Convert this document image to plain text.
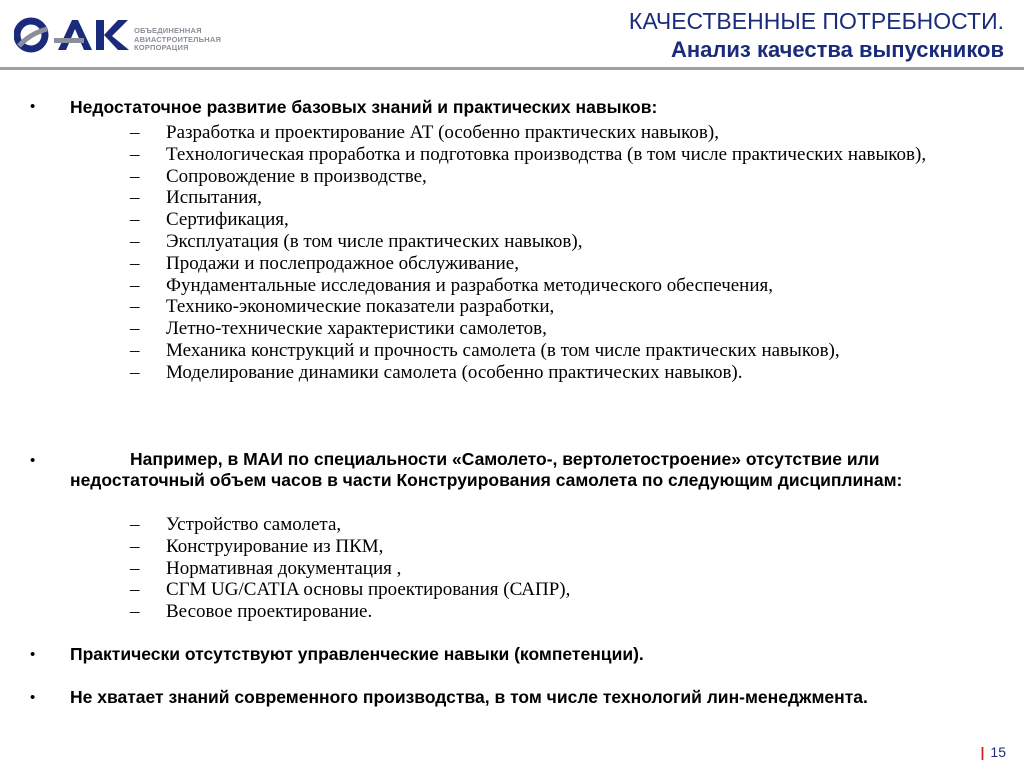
ОБЪЕДИНЕННАЯ
АВИАСТРОИТЕЛЬНАЯ
КОРПОРАЦИЯ
КАЧЕСТВЕННЫЕ ПОТРЕБНОСТИ.
Анализ качества выпускников
• Недостаточное развитие базовых знаний и практических навыков:
– Разработка и проектирование АТ (особенно практических навыков),
– Технологическая проработка и подготовка производства (в том числе практических навыков),
– Сопровождение в производстве,
– Испытания,
– Сертификация,
– Эксплуатация (в том числе практических навыков),
– Продажи и послепродажное обслуживание,
– Фундаментальные исследования и разработка методического обеспечения,
– Технико-экономические показатели разработки,
– Летно-технические характеристики самолетов,
– Механика конструкций и прочность самолета (в том числе практических навыков),
– Моделирование динамики самолета (особенно практических навыков).
•	Например, в МАИ по специальности «Самолето-, вертолетостроение» отсутствие или недостаточный объем часов в части Конструирования самолета по следующим дисциплинам:
– Устройство самолета,
– Конструирование из ПКМ,
– Нормативная документация ,
– CГМ UG/CATIA основы проектирования (САПР),
– Весовое проектирование.
• Практически отсутствуют управленческие навыки (компетенции).
• Не хватает знаний современного производства, в том числе технологий лин-менеджмента.
| 15
